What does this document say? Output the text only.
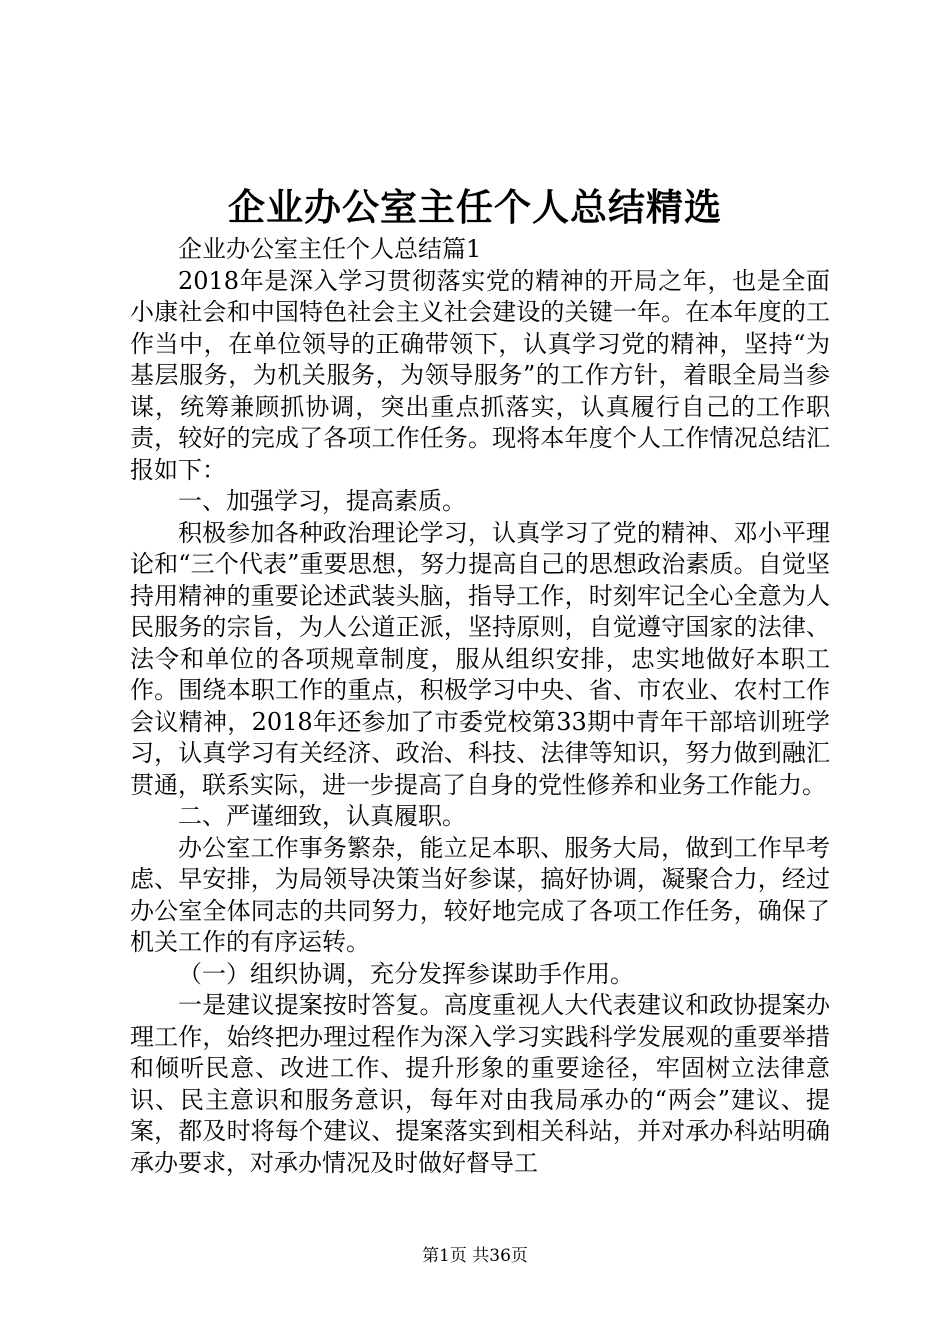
企业办公室主任个人总结精选

企业办公室主任个人总结篇1

2018年是深入学习贯彻落实党的精神的开局之年，也是全面小康社会和中国特色社会主义社会建设的关键一年。在本年度的工作当中，在单位领导的正确带领下，认真学习党的精神，坚持“为基层服务，为机关服务，为领导服务”的工作方针，着眼全局当参谋，统筹兼顾抓协调，突出重点抓落实，认真履行自己的工作职责，较好的完成了各项工作任务。现将本年度个人工作情况总结汇报如下：

一、加强学习，提高素质。

积极参加各种政治理论学习，认真学习了党的精神、邓小平理论和“三个代表”重要思想，努力提高自己的思想政治素质。自觉坚持用精神的重要论述武装头脑，指导工作，时刻牢记全心全意为人民服务的宗旨，为人公道正派，坚持原则，自觉遵守国家的法律、法令和单位的各项规章制度，服从组织安排，忠实地做好本职工作。围绕本职工作的重点，积极学习中央、省、市农业、农村工作会议精神，2018年还参加了市委党校第33期中青年干部培训班学习，认真学习有关经济、政治、科技、法律等知识，努力做到融汇贯通，联系实际，进一步提高了自身的党性修养和业务工作能力。

二、严谨细致，认真履职。

办公室工作事务繁杂，能立足本职、服务大局，做到工作早考虑、早安排，为局领导决策当好参谋，搞好协调，凝聚合力，经过办公室全体同志的共同努力，较好地完成了各项工作任务，确保了机关工作的有序运转。

（一）组织协调，充分发挥参谋助手作用。

一是建议提案按时答复。高度重视人大代表建议和政协提案办理工作，始终把办理过程作为深入学习实践科学发展观的重要举措和倾听民意、改进工作、提升形象的重要途径，牢固树立法律意识、民主意识和服务意识，每年对由我局承办的“两会”建议、提案，都及时将每个建议、提案落实到相关科站，并对承办科站明确承办要求，对承办情况及时做好督导工

第1页 共36页
